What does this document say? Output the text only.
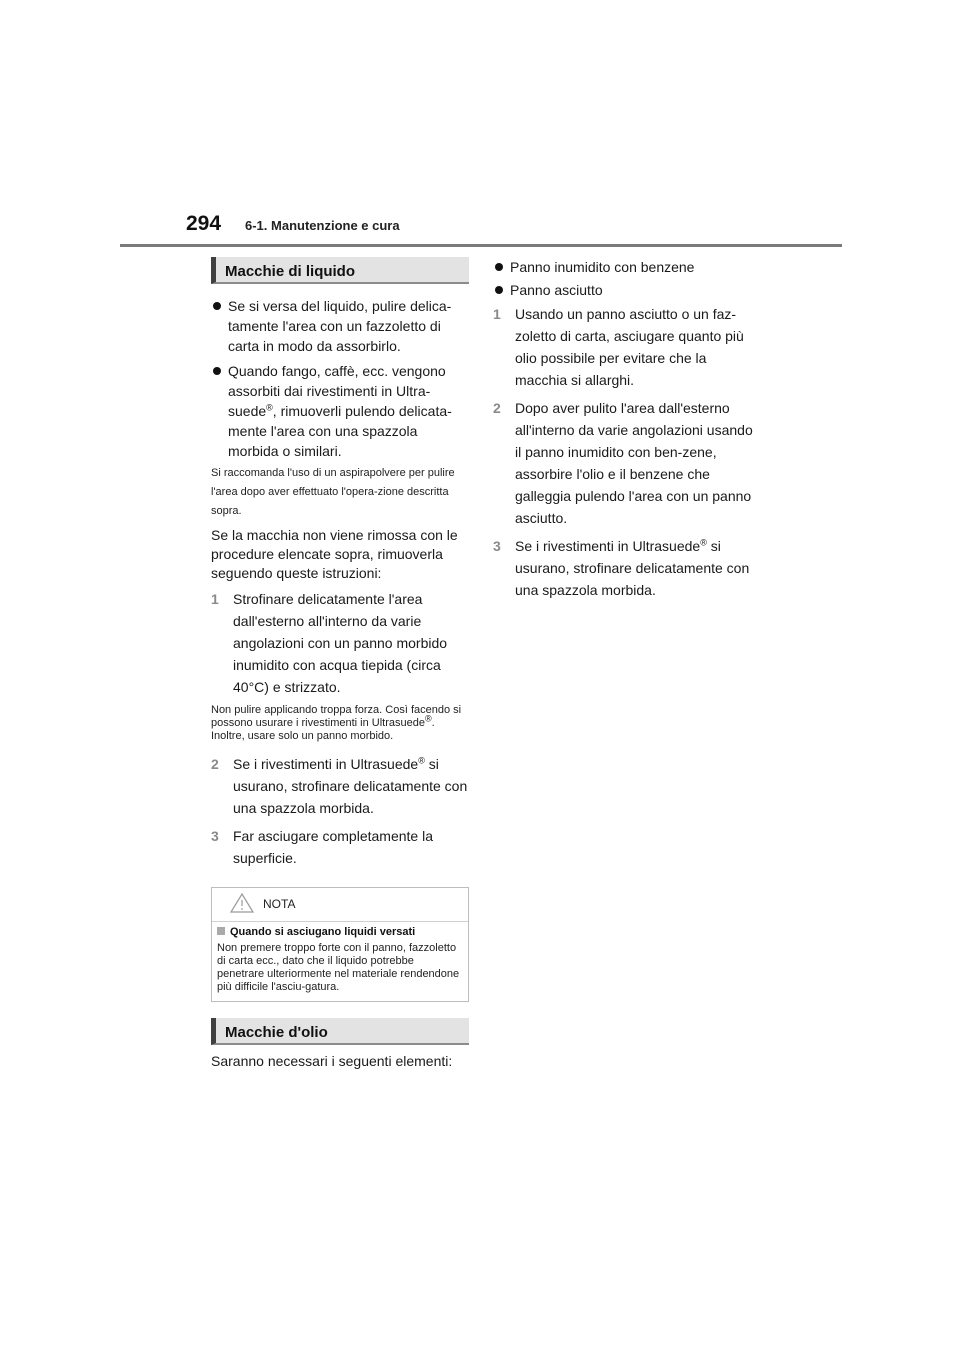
294 6-1. Manutenzione e cura
Macchie di liquido
Se si versa del liquido, pulire delica-tamente l'area con un fazzoletto di carta in modo da assorbirlo.
Quando fango, caffè, ecc. vengono assorbiti dai rivestimenti in Ultra-suede®, rimuoverli pulendo delicata-mente l'area con una spazzola morbida o similari.
Si raccomanda l'uso di un aspirapolvere per pulire l'area dopo aver effettuato l'opera-zione descritta sopra.
Se la macchia non viene rimossa con le procedure elencate sopra, rimuoverla seguendo queste istruzioni:
1 Strofinare delicatamente l'area dall'esterno all'interno da varie angolazioni con un panno morbido inumidito con acqua tiepida (circa 40°C) e strizzato.
Non pulire applicando troppa forza. Così facendo si possono usurare i rivestimenti in Ultrasuede®. Inoltre, usare solo un panno morbido.
2 Se i rivestimenti in Ultrasuede® si usurano, strofinare delicatamente con una spazzola morbida.
3 Far asciugare completamente la superficie.
NOTA
Quando si asciugano liquidi versati
Non premere troppo forte con il panno, fazzoletto di carta ecc., dato che il liquido potrebbe penetrare ulteriormente nel materiale rendendone più difficile l'asciu-gatura.
Macchie d'olio
Saranno necessari i seguenti elementi:
Panno inumidito con benzene
Panno asciutto
1 Usando un panno asciutto o un faz-zoletto di carta, asciugare quanto più olio possibile per evitare che la macchia si allarghi.
2 Dopo aver pulito l'area dall'esterno all'interno da varie angolazioni usando il panno inumidito con ben-zene, assorbire l'olio e il benzene che galleggia pulendo l'area con un panno asciutto.
3 Se i rivestimenti in Ultrasuede® si usurano, strofinare delicatamente con una spazzola morbida.
